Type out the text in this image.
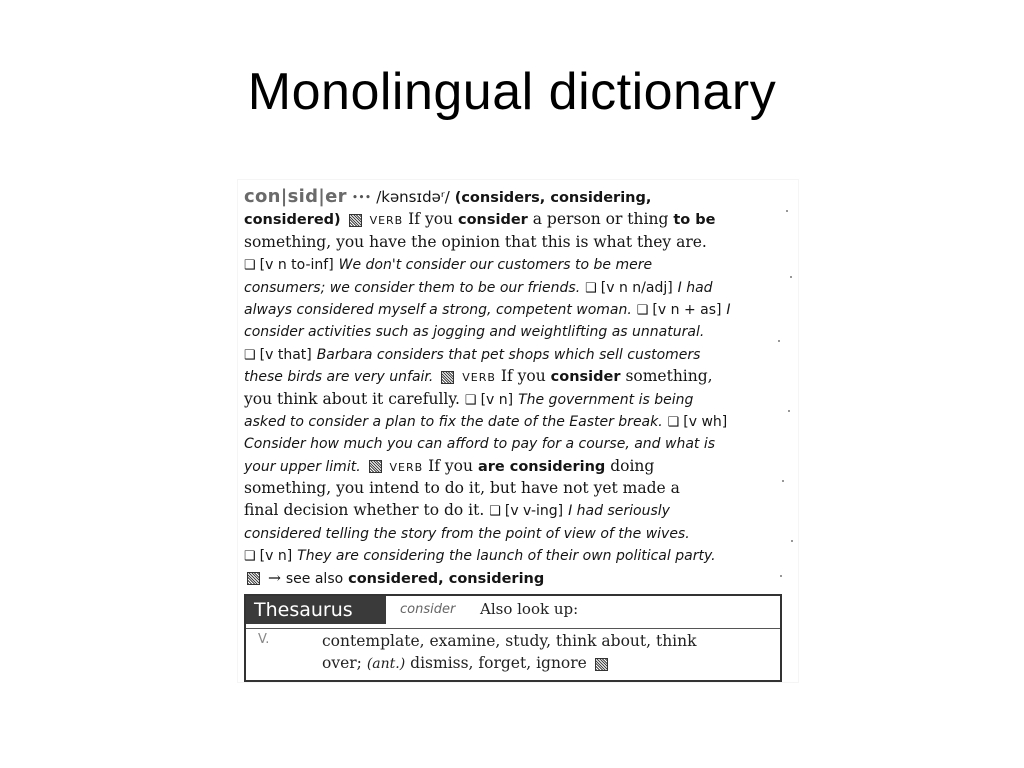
Monolingual dictionary
con|sid|er ••• /kənsɪdəʳ/ (considers, considering,
considered)	VERB If you consider a person or thing to be
something, you have the opinion that this is what they are.
❑ [v n to-inf] We don't consider our customers to be mere
consumers; we consider them to be our friends. ❑ [v n n/adj] I had
always considered myself a strong, competent woman. ❑ [v n + as] I
consider activities such as jogging and weightlifting as unnatural.
❑ [v that] Barbara considers that pet shops which sell customers
these birds are very unfair.	VERB If you consider something,
you think about it carefully. ❑ [v n] The government is being
asked to consider a plan to fix the date of the Easter break. ❑ [v wh]
Consider how much you can afford to pay for a course, and what is
your upper limit.	VERB If you are considering doing
something, you intend to do it, but have not yet made a
final decision whether to do it. ❑ [v v-ing] I had seriously
considered telling the story from the point of view of the wives.
❑ [v n] They are considering the launch of their own political party.
→ see also considered, considering
Thesaurus	consider Also look up:
V.	contemplate, examine, study, think about, think
over; (ant.) dismiss, forget, ignore
